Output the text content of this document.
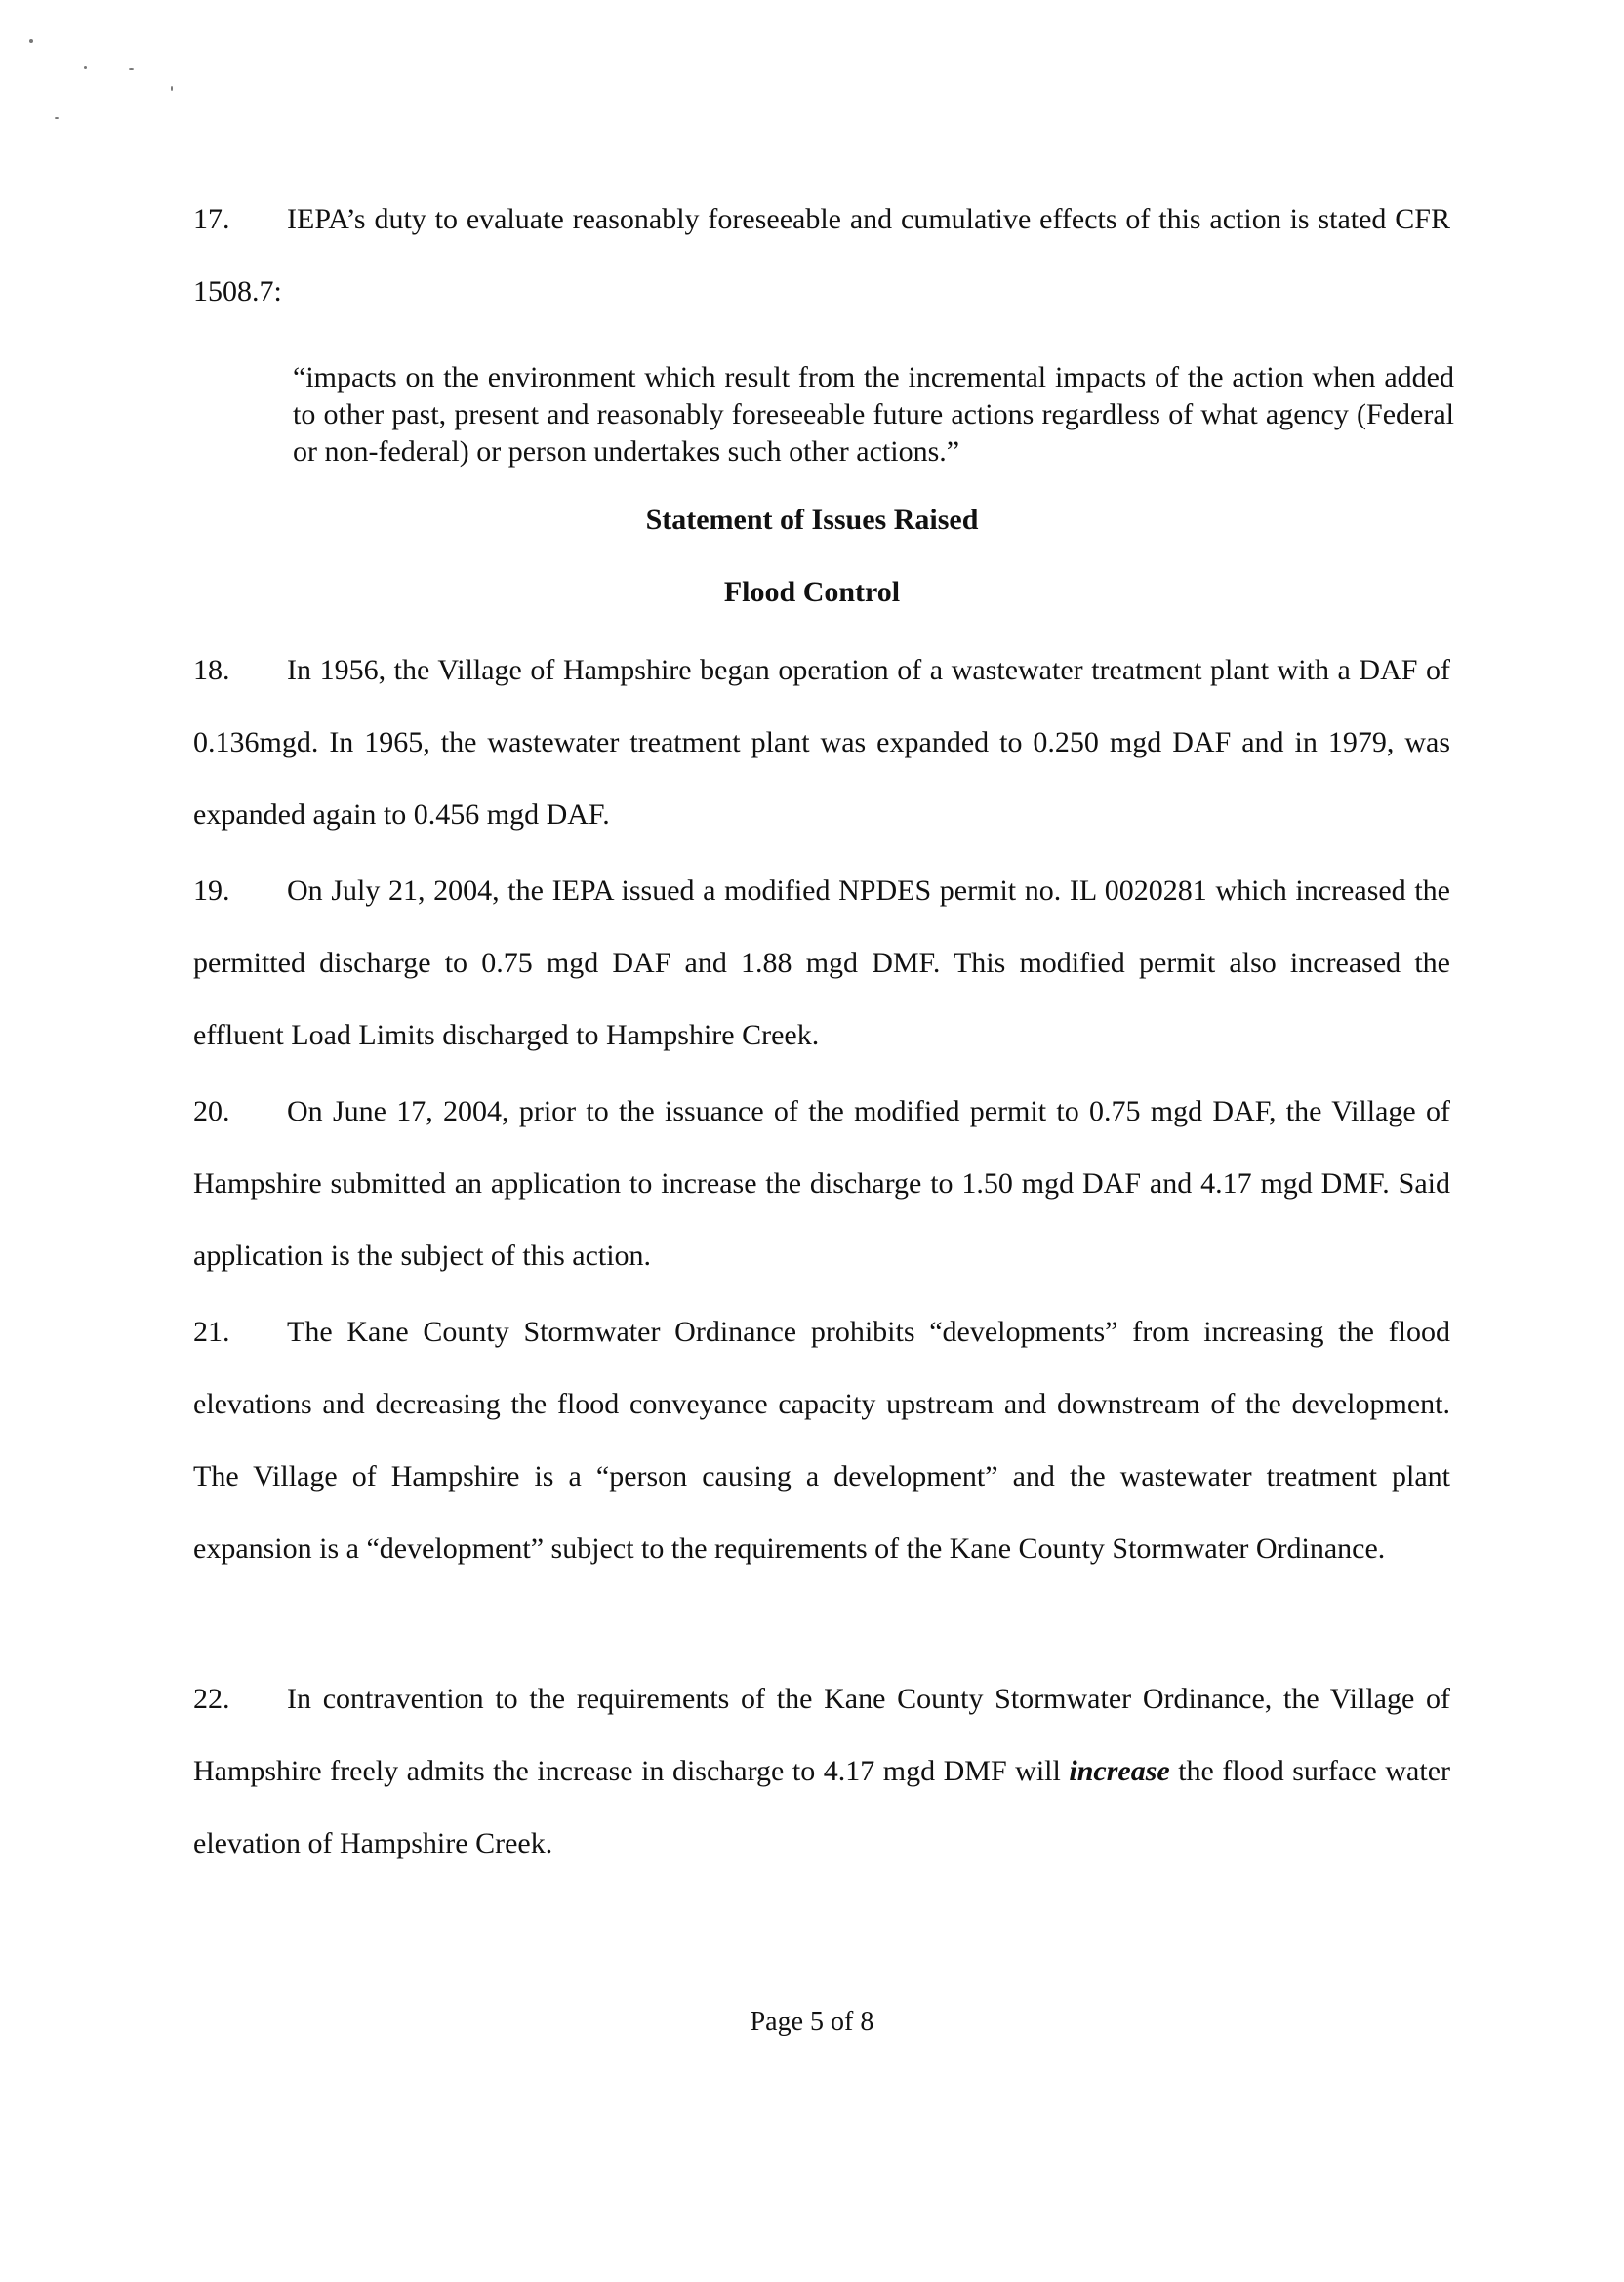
17. IEPA’s duty to evaluate reasonably foreseeable and cumulative effects of this action is stated CFR 1508.7:
“impacts on the environment which result from the incremental impacts of the action when added to other past, present and reasonably foreseeable future actions regardless of what agency (Federal or non-federal) or person undertakes such other actions.”
Statement of Issues Raised
Flood Control
18. In 1956, the Village of Hampshire began operation of a wastewater treatment plant with a DAF of 0.136mgd. In 1965, the wastewater treatment plant was expanded to 0.250 mgd DAF and in 1979, was expanded again to 0.456 mgd DAF.
19. On July 21, 2004, the IEPA issued a modified NPDES permit no. IL 0020281 which increased the permitted discharge to 0.75 mgd DAF and 1.88 mgd DMF. This modified permit also increased the effluent Load Limits discharged to Hampshire Creek.
20. On June 17, 2004, prior to the issuance of the modified permit to 0.75 mgd DAF, the Village of Hampshire submitted an application to increase the discharge to 1.50 mgd DAF and 4.17 mgd DMF. Said application is the subject of this action.
21. The Kane County Stormwater Ordinance prohibits “developments” from increasing the flood elevations and decreasing the flood conveyance capacity upstream and downstream of the development. The Village of Hampshire is a “person causing a development” and the wastewater treatment plant expansion is a “development” subject to the requirements of the Kane County Stormwater Ordinance.
22. In contravention to the requirements of the Kane County Stormwater Ordinance, the Village of Hampshire freely admits the increase in discharge to 4.17 mgd DMF will increase the flood surface water elevation of Hampshire Creek.
Page 5 of 8
